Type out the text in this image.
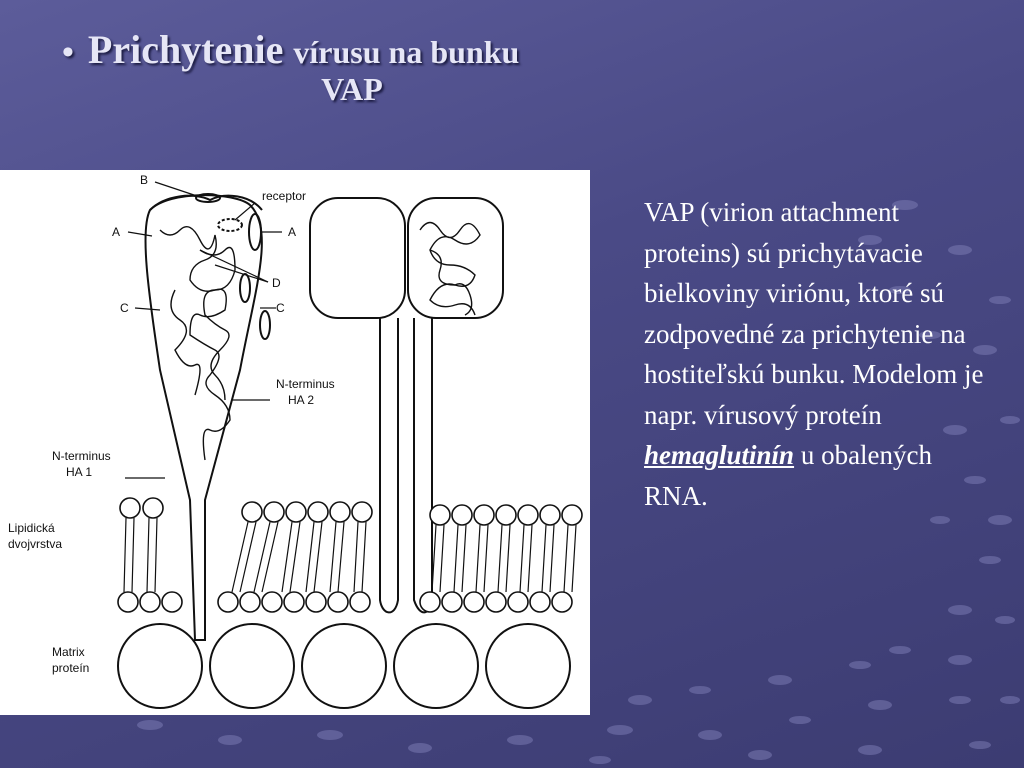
• Prichytenie vírusu na bunku
VAP
B
receptor
A	A
D
C	C
N-terminus
HA 2
N-terminus
HA 1
Lipidická
dvojvrstva
Matrix
proteín
VAP (virion attachment proteins) sú prichytávacie bielkoviny viriónu, ktoré sú zodpovedné za prichytenie na hostiteľskú bunku. Modelom je napr. vírusový proteín hemaglutinín u obalených RNA.
